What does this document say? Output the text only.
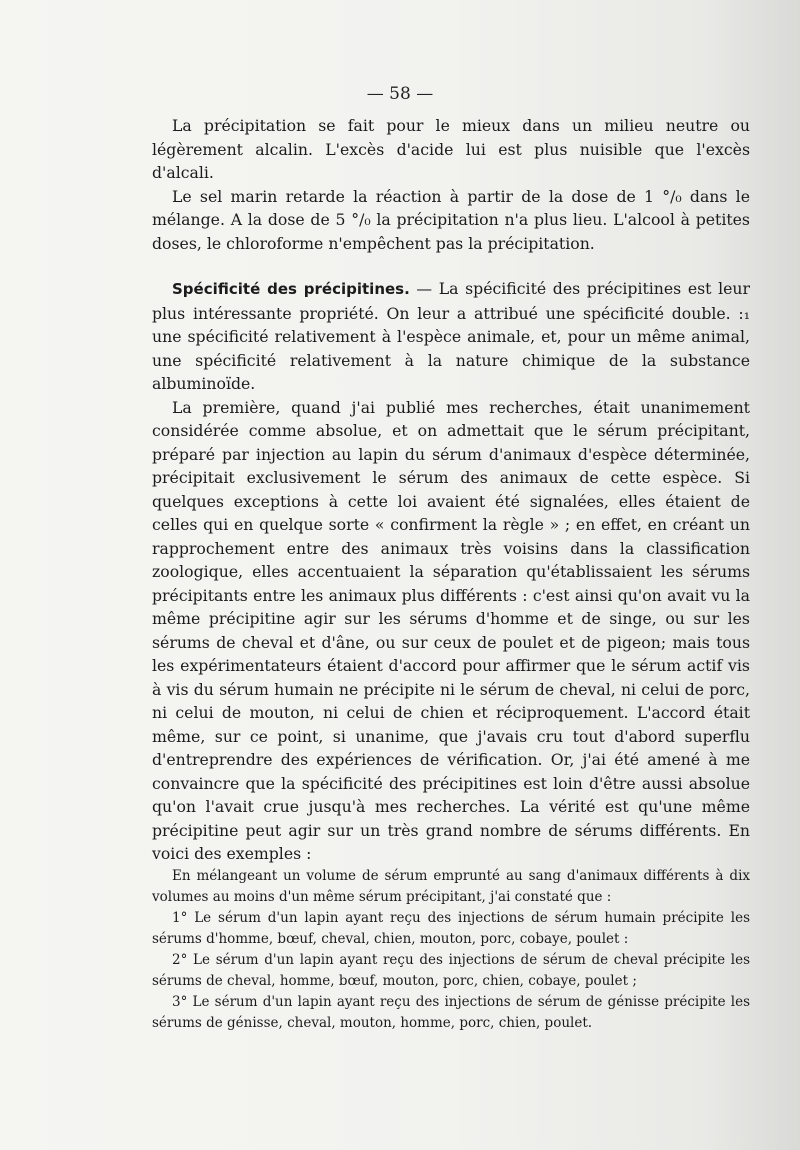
— 58 —

La précipitation se fait pour le mieux dans un milieu neutre ou légèrement alcalin. L'excès d'acide lui est plus nuisible que l'excès d'alcali.

Le sel marin retarde la réaction à partir de la dose de 1 °/₀ dans le mélange. A la dose de 5 °/₀ la précipitation n'a plus lieu. L'alcool à petites doses, le chloroforme n'empêchent pas la précipitation.

Spécificité des précipitines. — La spécificité des précipitines est leur plus intéressante propriété. On leur a attribué une spécificité double. :₁ une spécificité relativement à l'espèce animale, et, pour un même animal, une spécificité relativement à la nature chimique de la substance albuminoïde.

La première, quand j'ai publié mes recherches, était unanimement considérée comme absolue, et on admettait que le sérum précipitant, préparé par injection au lapin du sérum d'animaux d'espèce déterminée, précipitait exclusivement le sérum des animaux de cette espèce. Si quelques exceptions à cette loi avaient été signalées, elles étaient de celles qui en quelque sorte « confirment la règle » ; en effet, en créant un rapprochement entre des animaux très voisins dans la classification zoologique, elles accentuaient la séparation qu'établissaient les sérums précipitants entre les animaux plus différents : c'est ainsi qu'on avait vu la même précipitine agir sur les sérums d'homme et de singe, ou sur les sérums de cheval et d'âne, ou sur ceux de poulet et de pigeon; mais tous les expérimentateurs étaient d'accord pour affirmer que le sérum actif vis à vis du sérum humain ne précipite ni le sérum de cheval, ni celui de porc, ni celui de mouton, ni celui de chien et réciproquement. L'accord était même, sur ce point, si unanime, que j'avais cru tout d'abord superflu d'entreprendre des expériences de vérification. Or, j'ai été amené à me convaincre que la spécificité des précipitines est loin d'être aussi absolue qu'on l'avait crue jusqu'à mes recherches. La vérité est qu'une même précipitine peut agir sur un très grand nombre de sérums différents. En voici des exemples :

En mélangeant un volume de sérum emprunté au sang d'animaux différents à dix volumes au moins d'un même sérum précipitant, j'ai constaté que :

1° Le sérum d'un lapin ayant reçu des injections de sérum humain précipite les sérums d'homme, bœuf, cheval, chien, mouton, porc, cobaye, poulet :

2° Le sérum d'un lapin ayant reçu des injections de sérum de cheval précipite les sérums de cheval, homme, bœuf, mouton, porc, chien, cobaye, poulet ;

3° Le sérum d'un lapin ayant reçu des injections de sérum de génisse précipite les sérums de génisse, cheval, mouton, homme, porc, chien, poulet.
